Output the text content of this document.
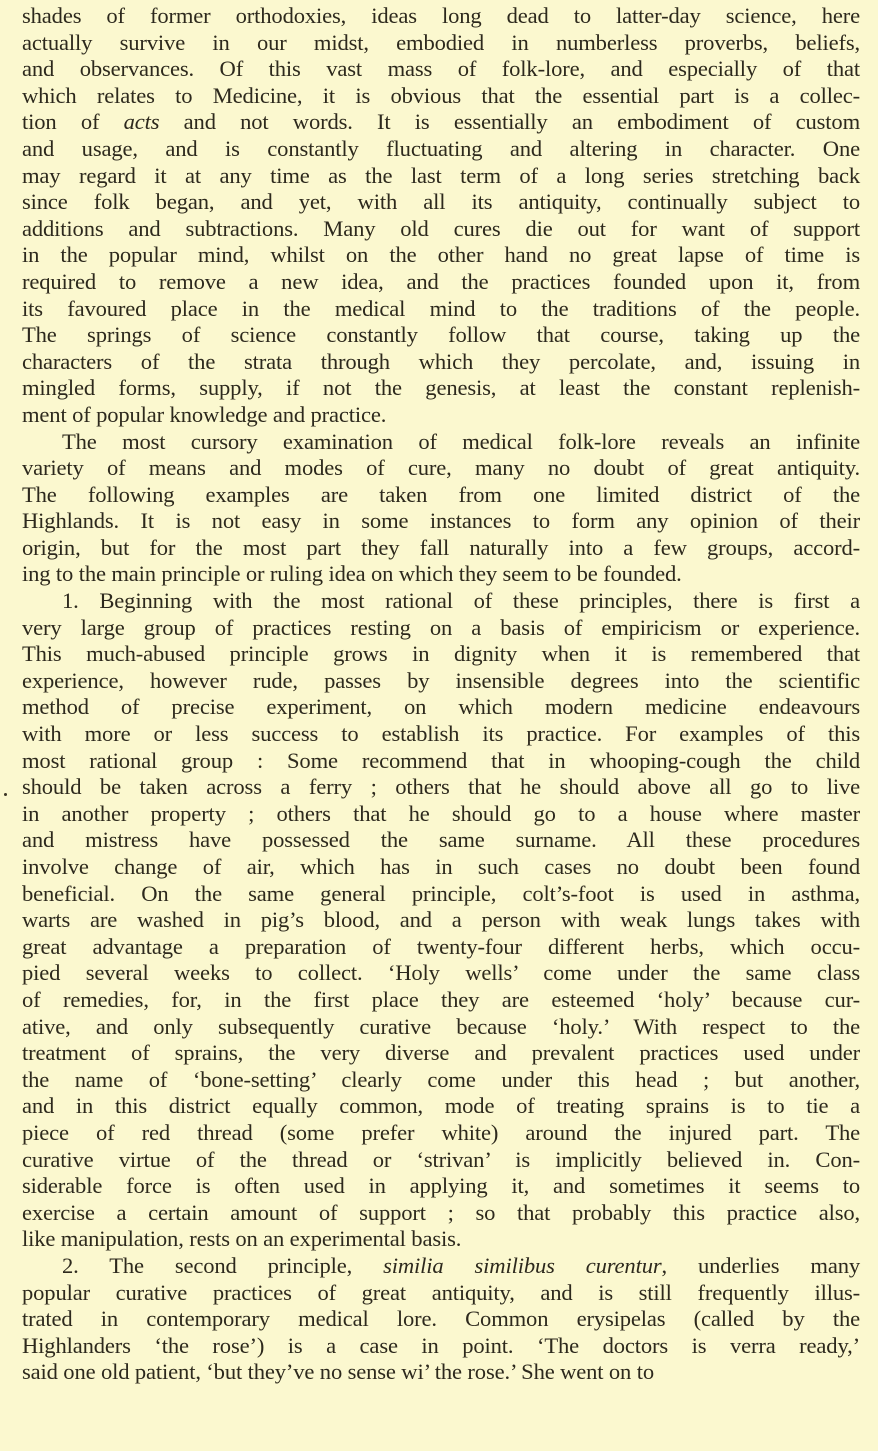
shades of former orthodoxies, ideas long dead to latter-day science, here
actually survive in our midst, embodied in numberless proverbs, beliefs,
and observances. Of this vast mass of folk-lore, and especially of that
which relates to Medicine, it is obvious that the essential part is a collec-
tion of acts and not words. It is essentially an embodiment of custom
and usage, and is constantly fluctuating and altering in character. One
may regard it at any time as the last term of a long series stretching back
since folk began, and yet, with all its antiquity, continually subject to
additions and subtractions. Many old cures die out for want of support
in the popular mind, whilst on the other hand no great lapse of time is
required to remove a new idea, and the practices founded upon it, from
its favoured place in the medical mind to the traditions of the people.
The springs of science constantly follow that course, taking up the
characters of the strata through which they percolate, and, issuing in
mingled forms, supply, if not the genesis, at least the constant replenish-
ment of popular knowledge and practice.
The most cursory examination of medical folk-lore reveals an infinite
variety of means and modes of cure, many no doubt of great antiquity.
The following examples are taken from one limited district of the
Highlands. It is not easy in some instances to form any opinion of their
origin, but for the most part they fall naturally into a few groups, accord-
ing to the main principle or ruling idea on which they seem to be founded.
1. Beginning with the most rational of these principles, there is first a
very large group of practices resting on a basis of empiricism or experience.
This much-abused principle grows in dignity when it is remembered that
experience, however rude, passes by insensible degrees into the scientific
method of precise experiment, on which modern medicine endeavours
with more or less success to establish its practice. For examples of this
most rational group : Some recommend that in whooping-cough the child
should be taken across a ferry ; others that he should above all go to live
in another property ; others that he should go to a house where master
and mistress have possessed the same surname. All these procedures
involve change of air, which has in such cases no doubt been found
beneficial. On the same general principle, colt’s-foot is used in asthma,
warts are washed in pig’s blood, and a person with weak lungs takes with
great advantage a preparation of twenty-four different herbs, which occu-
pied several weeks to collect. ‘Holy wells’ come under the same class
of remedies, for, in the first place they are esteemed ‘holy’ because cur-
ative, and only subsequently curative because ‘holy.’ With respect to the
treatment of sprains, the very diverse and prevalent practices used under
the name of ‘bone-setting’ clearly come under this head ; but another,
and in this district equally common, mode of treating sprains is to tie a
piece of red thread (some prefer white) around the injured part. The
curative virtue of the thread or ‘strivan’ is implicitly believed in. Con-
siderable force is often used in applying it, and sometimes it seems to
exercise a certain amount of support ; so that probably this practice also,
like manipulation, rests on an experimental basis.
2. The second principle, similia similibus curentur, underlies many
popular curative practices of great antiquity, and is still frequently illus-
trated in contemporary medical lore. Common erysipelas (called by the
Highlanders ‘the rose’) is a case in point. ‘The doctors is verra ready,’
said one old patient, ‘but they’ve no sense wi’ the rose.’ She went on to
